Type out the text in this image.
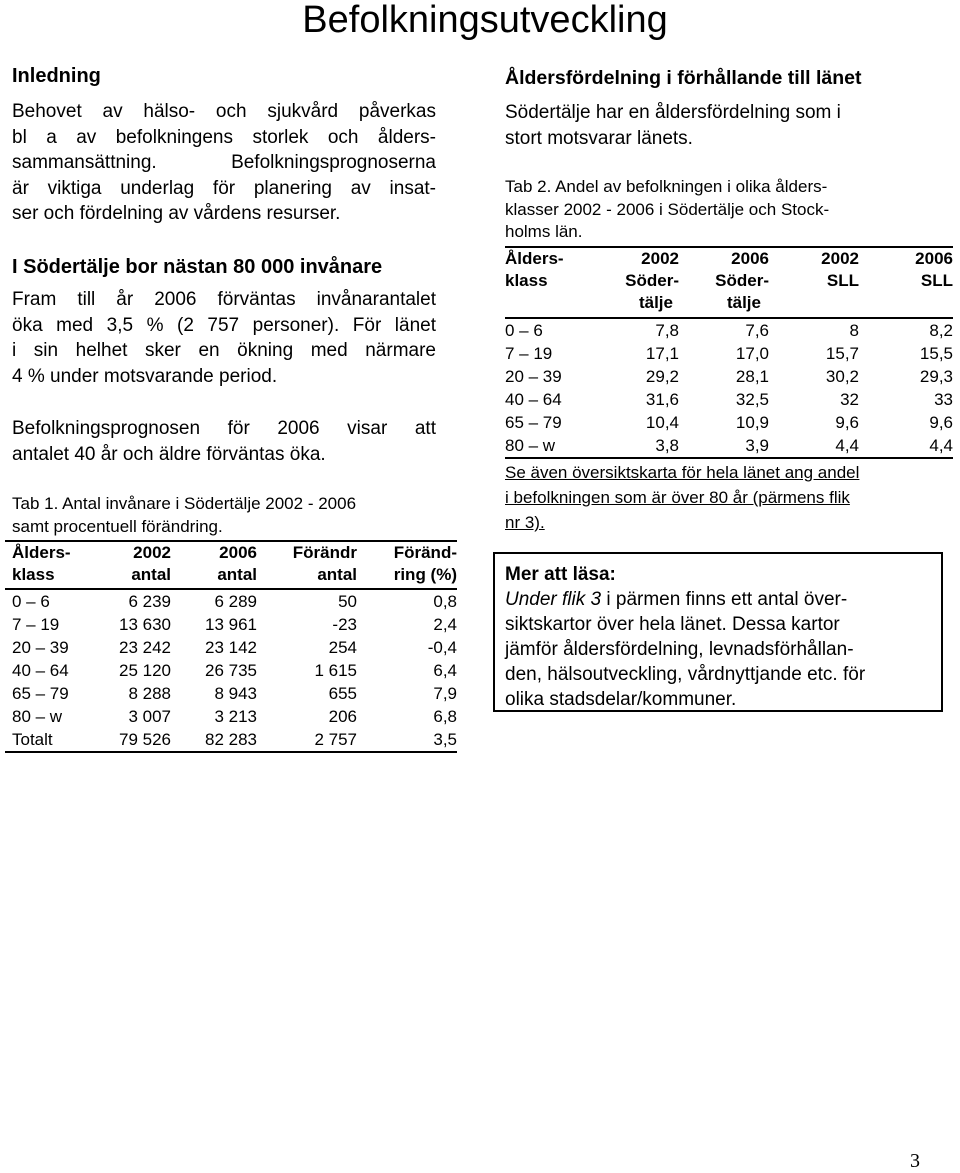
Befolkningsutveckling
Inledning
Behovet av hälso- och sjukvård påverkas
bl a av befolkningens storlek och ålders-
sammansättning. Befolkningsprognoserna
är viktiga underlag för planering av insat-
ser och fördelning av vårdens resurser.
I Södertälje bor nästan 80 000 invånare
Fram till år 2006 förväntas invånarantalet
öka med 3,5 % (2 757 personer). För länet
i sin helhet sker en ökning med närmare
4 % under motsvarande period.
Befolkningsprognosen för 2006 visar att
antalet 40 år och äldre förväntas öka.
Tab 1. Antal invånare i Södertälje 2002 - 2006
samt procentuell förändring.
Ålders-	2002	2006	Förändr	Föränd-
klass	antal	antal	antal	ring (%)
0 – 6	6 239	6 289	50	0,8
7 – 19	13 630	13 961	-23	2,4
20 – 39	23 242	23 142	254	-0,4
40 – 64	25 120	26 735	1 615	6,4
65 – 79	8 288	8 943	655	7,9
80 – w	3 007	3 213	206	6,8
Totalt	79 526	82 283	2 757	3,5
Åldersfördelning i förhållande till länet
Södertälje har en åldersfördelning som i
stort motsvarar länets.
Tab 2. Andel av befolkningen i olika ålders-
klasser 2002 - 2006 i Södertälje och Stock-
holms län.
Ålders-	2002	2006	2002	2006
klass	Söder-	Söder-	SLL	SLL
	tälje	tälje		
0 – 6	7,8	7,6	8	8,2
7 – 19	17,1	17,0	15,7	15,5
20 – 39	29,2	28,1	30,2	29,3
40 – 64	31,6	32,5	32	33
65 – 79	10,4	10,9	9,6	9,6
80 – w	3,8	3,9	4,4	4,4
Se även översiktskarta för hela länet ang andel
i befolkningen som är över 80 år (pärmens flik
nr 3).
Mer att läsa:
Under flik 3 i pärmen finns ett antal över-
siktskartor över hela länet. Dessa kartor
jämför åldersfördelning, levnadsförhållan-
den, hälsoutveckling, vårdnyttjande etc. för
olika stadsdelar/kommuner.
3
